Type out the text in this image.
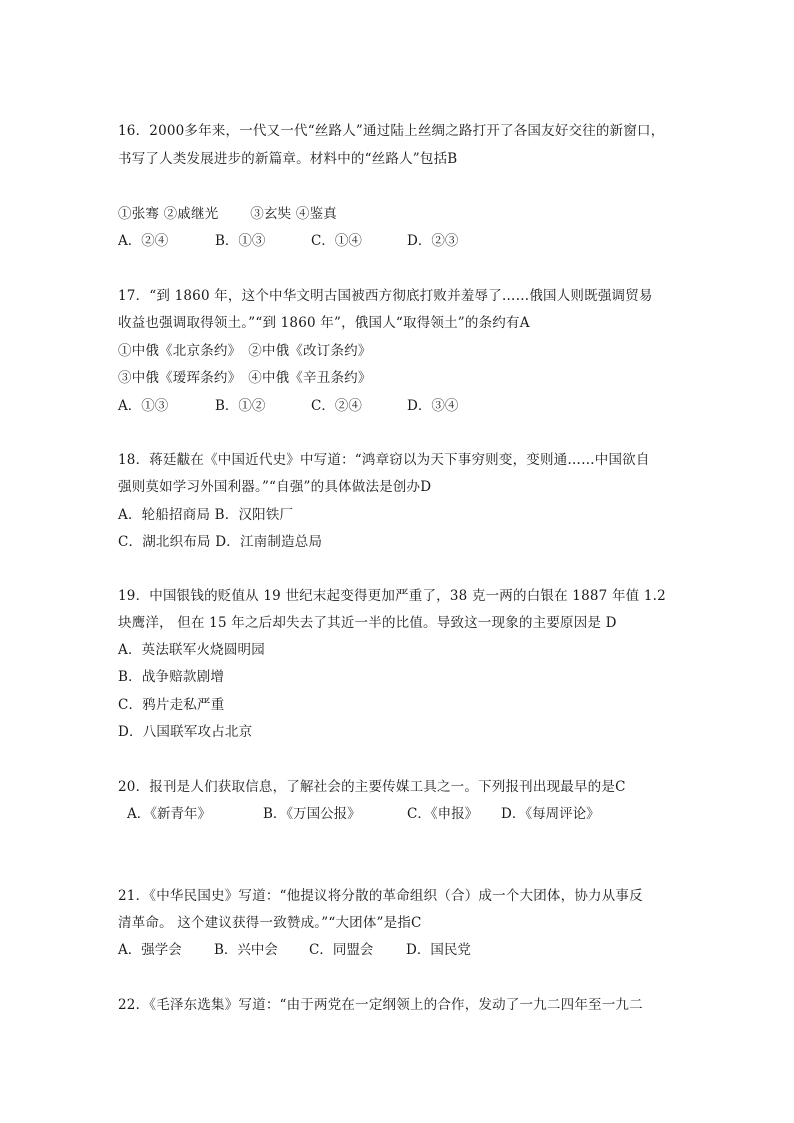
16．2000多年来，一代又一代“丝路人”通过陆上丝绸之路打开了各国友好交往的新窗口，
书写了人类发展进步的新篇章。材料中的“丝路人”包括B
①张骞 ②戚继光　　 ③玄奘 ④鉴真
A．②④	B．①③	C．①④	D．②③
17．“到 1860 年，这个中华文明古国被西方彻底打败并羞辱了……俄国人则既强调贸易
收益也强调取得领土。”“到 1860 年”，俄国人“取得领土”的条约有A
①中俄《北京条约》　②中俄《改订条约》
③中俄《瑷珲条约》　④中俄《辛丑条约》
A．①③	B．①②	C．②④	D．③④
18．蒋廷黻在《中国近代史》中写道：“鸿章窃以为天下事穷则变，变则通……中国欲自
强则莫如学习外国利器。”“自强”的具体做法是创办D
A．轮船招商局 B．汉阳铁厂
C．湖北织布局 D．江南制造总局
19．中国银钱的贬值从 19 世纪末起变得更加严重了，38 克一两的白银在 1887 年值 1.2
块鹰洋， 但在 15 年之后却失去了其近一半的比值。导致这一现象的主要原因是 D
A．英法联军火烧圆明园
B．战争赔款剧增
C．鸦片走私严重
D．八国联军攻占北京
20．报刊是人们获取信息，了解社会的主要传媒工具之一。下列报刊出现最早的是C
A．《新青年》	B．《万国公报》	C．《申报》 D．《每周评论》
21．《中华民国史》写道：“他提议将分散的革命组织（合）成一个大团体，协力从事反
清革命。 这个建议获得一致赞成。”“大团体”是指C
A．强学会 B．兴中会 C．同盟会 D．国民党
22．《毛泽东选集》写道：“由于两党在一定纲领上的合作，发动了一九二四年至一九二
